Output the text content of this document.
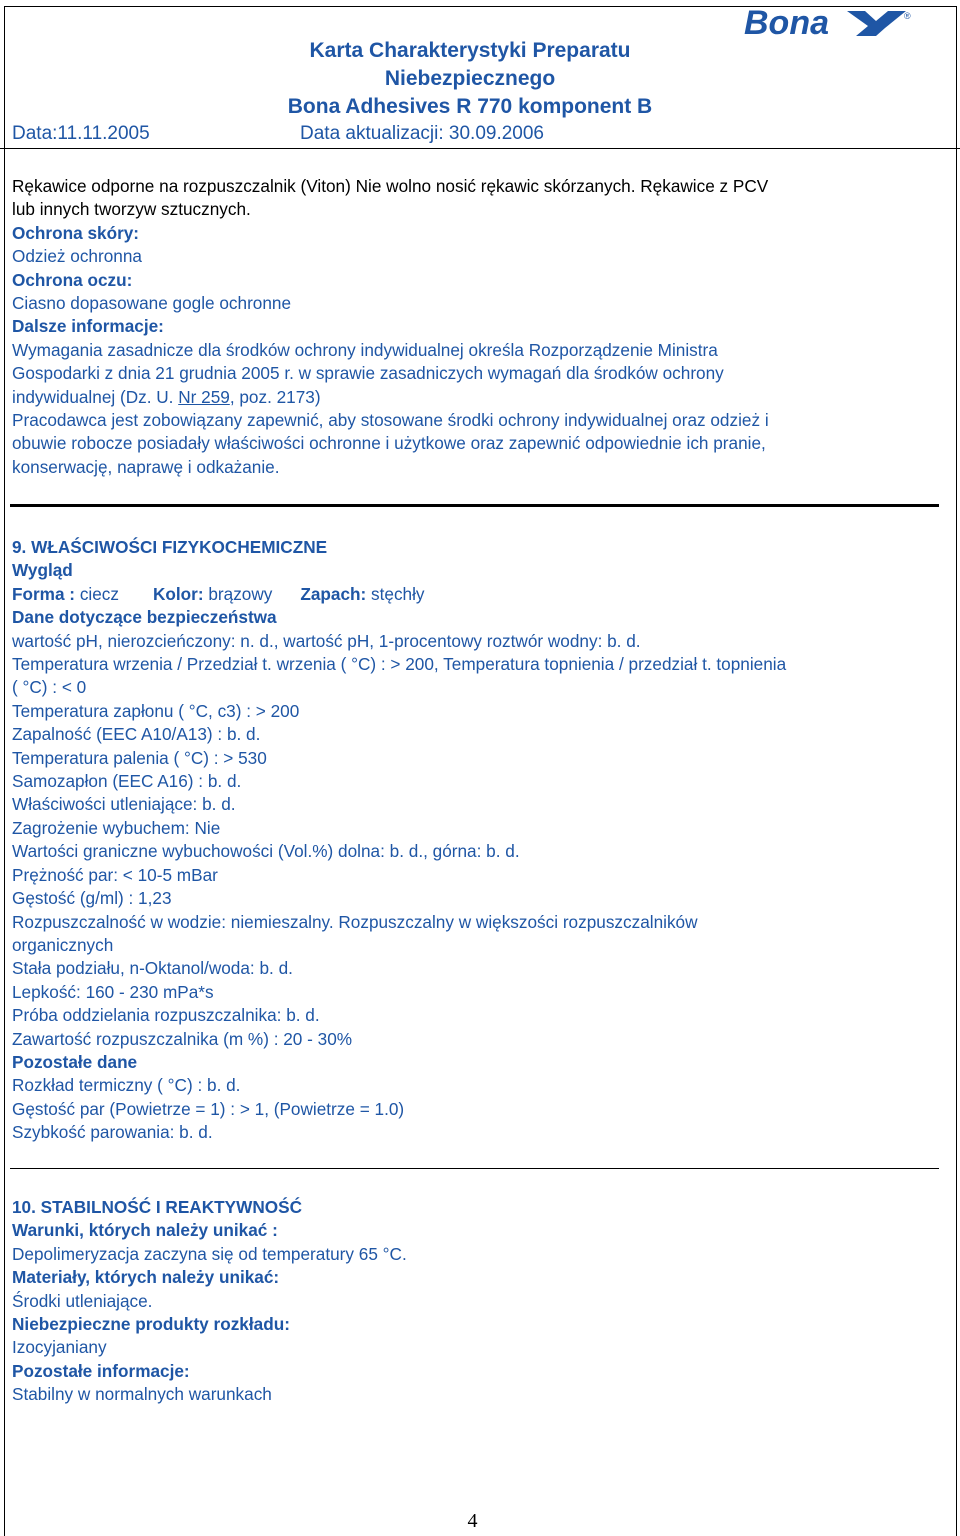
Bona	®
Karta Charakterystyki Preparatu
Niebezpiecznego
Bona Adhesives R 770 komponent B
Data:11.11.2005	Data aktualizacji: 30.09.2006

Rękawice odporne na rozpuszczalnik (Viton) Nie wolno nosić rękawic skórzanych. Rękawice z PCV

lub innych tworzyw sztucznych.

Ochrona skóry:

Odzież ochronna

Ochrona oczu:

Ciasno dopasowane gogle ochronne

Dalsze informacje:

Wymagania zasadnicze dla środków ochrony indywidualnej określa Rozporządzenie Ministra

Gospodarki z dnia 21 grudnia 2005 r. w sprawie zasadniczych wymagań dla środków ochrony

indywidualnej (Dz. U. Nr 259, poz. 2173)

Pracodawca jest zobowiązany zapewnić, aby stosowane środki ochrony indywidualnej oraz odzież i

obuwie robocze posiadały właściwości ochronne i użytkowe oraz zapewnić odpowiednie ich pranie,

konserwację, naprawę i odkażanie.

9. WŁAŚCIWOŚCI FIZYKOCHEMICZNE

Wygląd

Forma : ciecz Kolor: brązowy Zapach: stęchły

Dane dotyczące bezpieczeństwa

wartość pH, nierozcieńczony: n. d., wartość pH, 1-procentowy roztwór wodny: b. d.

Temperatura wrzenia / Przedział t. wrzenia ( °C) : > 200, Temperatura topnienia / przedział t. topnienia

( °C) : < 0

Temperatura zapłonu ( °C, c3) : > 200

Zapalność (EEC A10/A13) : b. d.

Temperatura palenia ( °C) : > 530

Samozapłon (EEC A16) : b. d.

Właściwości utleniające: b. d.

Zagrożenie wybuchem: Nie

Wartości graniczne wybuchowości (Vol.%) dolna: b. d., górna: b. d.

Prężność par: < 10-5 mBar

Gęstość (g/ml) : 1,23

Rozpuszczalność w wodzie: niemieszalny. Rozpuszczalny w większości rozpuszczalników

organicznych

Stała podziału, n-Oktanol/woda: b. d.

Lepkość: 160 - 230 mPa*s

Próba oddzielania rozpuszczalnika: b. d.

Zawartość rozpuszczalnika (m %) : 20 - 30%

Pozostałe dane

Rozkład termiczny ( °C) : b. d.

Gęstość par (Powietrze = 1) : > 1, (Powietrze = 1.0)

Szybkość parowania: b. d.

10. STABILNOŚĆ I REAKTYWNOŚĆ

Warunki, których należy unikać :

Depolimeryzacja zaczyna się od temperatury 65 °C.

Materiały, których należy unikać:

Środki utleniające.

Niebezpieczne produkty rozkładu:

Izocyjaniany

Pozostałe informacje:

Stabilny w normalnych warunkach

4
